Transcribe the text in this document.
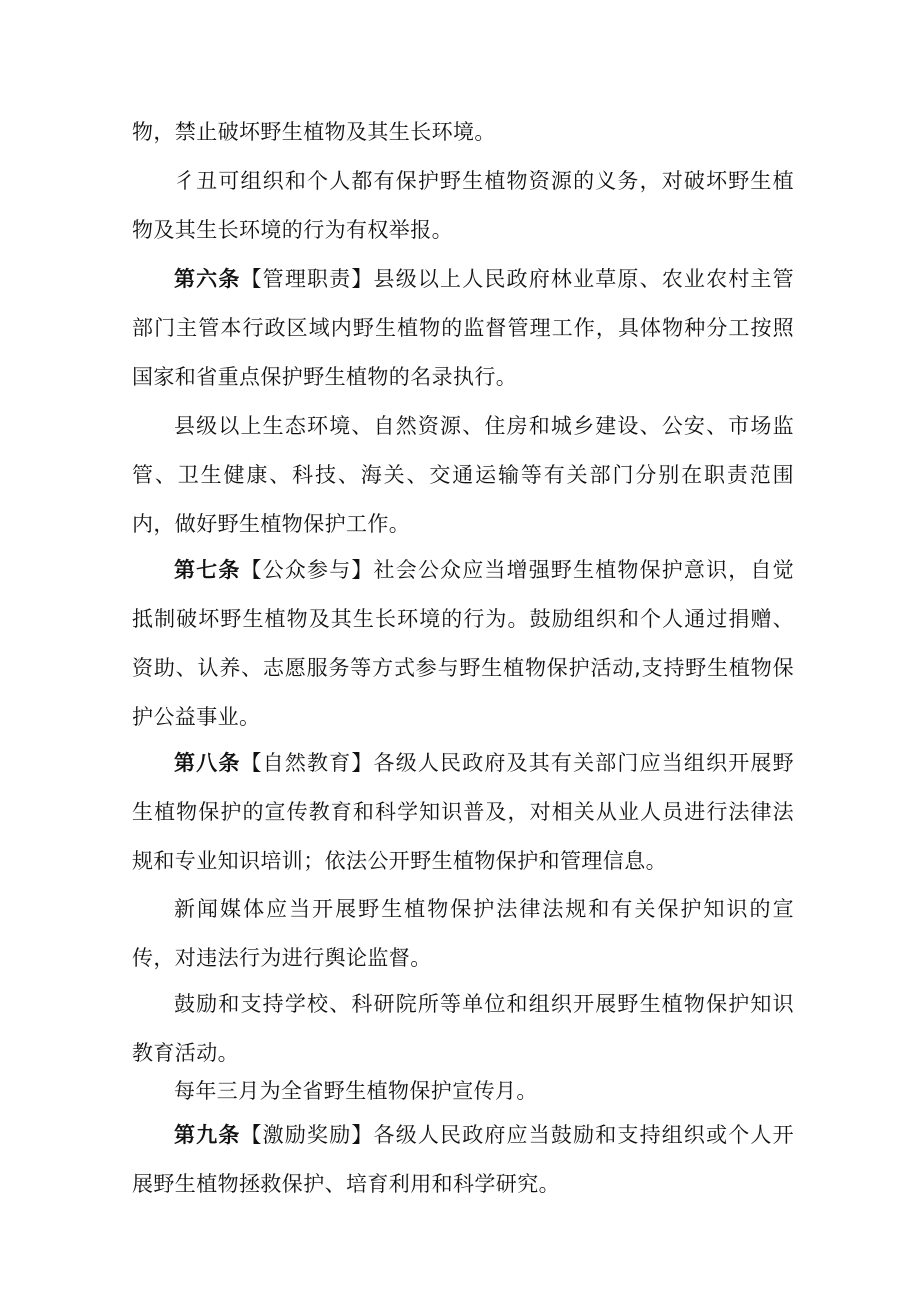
物，禁止破坏野生植物及其生长环境。

彳丑可组织和个人都有保护野生植物资源的义务，对破坏野生植物及其生长环境的行为有权举报。

第六条【管理职责】县级以上人民政府林业草原、农业农村主管部门主管本行政区域内野生植物的监督管理工作，具体物种分工按照国家和省重点保护野生植物的名录执行。

县级以上生态环境、自然资源、住房和城乡建设、公安、市场监管、卫生健康、科技、海关、交通运输等有关部门分别在职责范围内，做好野生植物保护工作。

第七条【公众参与】社会公众应当增强野生植物保护意识，自觉抵制破坏野生植物及其生长环境的行为。鼓励组织和个人通过捐赠、资助、认养、志愿服务等方式参与野生植物保护活动,支持野生植物保护公益事业。

第八条【自然教育】各级人民政府及其有关部门应当组织开展野生植物保护的宣传教育和科学知识普及，对相关从业人员进行法律法规和专业知识培训；依法公开野生植物保护和管理信息。

新闻媒体应当开展野生植物保护法律法规和有关保护知识的宣传，对违法行为进行舆论监督。

鼓励和支持学校、科研院所等单位和组织开展野生植物保护知识教育活动。

每年三月为全省野生植物保护宣传月。

第九条【激励奖励】各级人民政府应当鼓励和支持组织或个人开展野生植物拯救保护、培育利用和科学研究。
